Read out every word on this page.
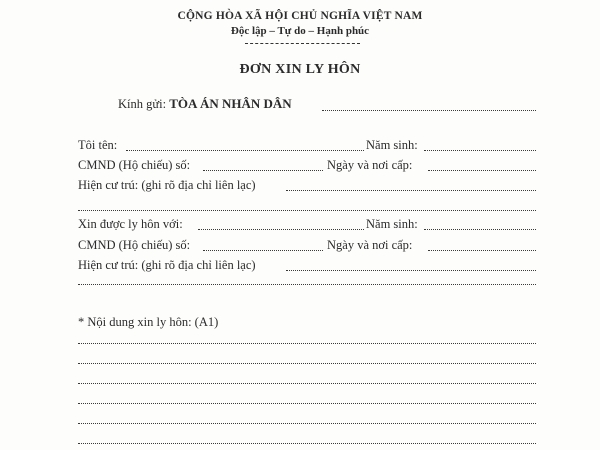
CỘNG HÒA XÃ HỘI CHỦ NGHĨA VIỆT NAM
Độc lập – Tự do – Hạnh phúc
ĐƠN XIN LY HÔN
Kính gửi: TÒA ÁN NHÂN DÂN
Tôi tên:	Năm sinh:
CMND (Hộ chiếu) số:	Ngày và nơi cấp:
Hiện cư trú: (ghi rõ địa chỉ liên lạc)
Xin được ly hôn với:	Năm sinh:
CMND (Hộ chiếu) số:	Ngày và nơi cấp:
Hiện cư trú: (ghi rõ địa chỉ liên lạc)
* Nội dung xin ly hôn: (A1)
